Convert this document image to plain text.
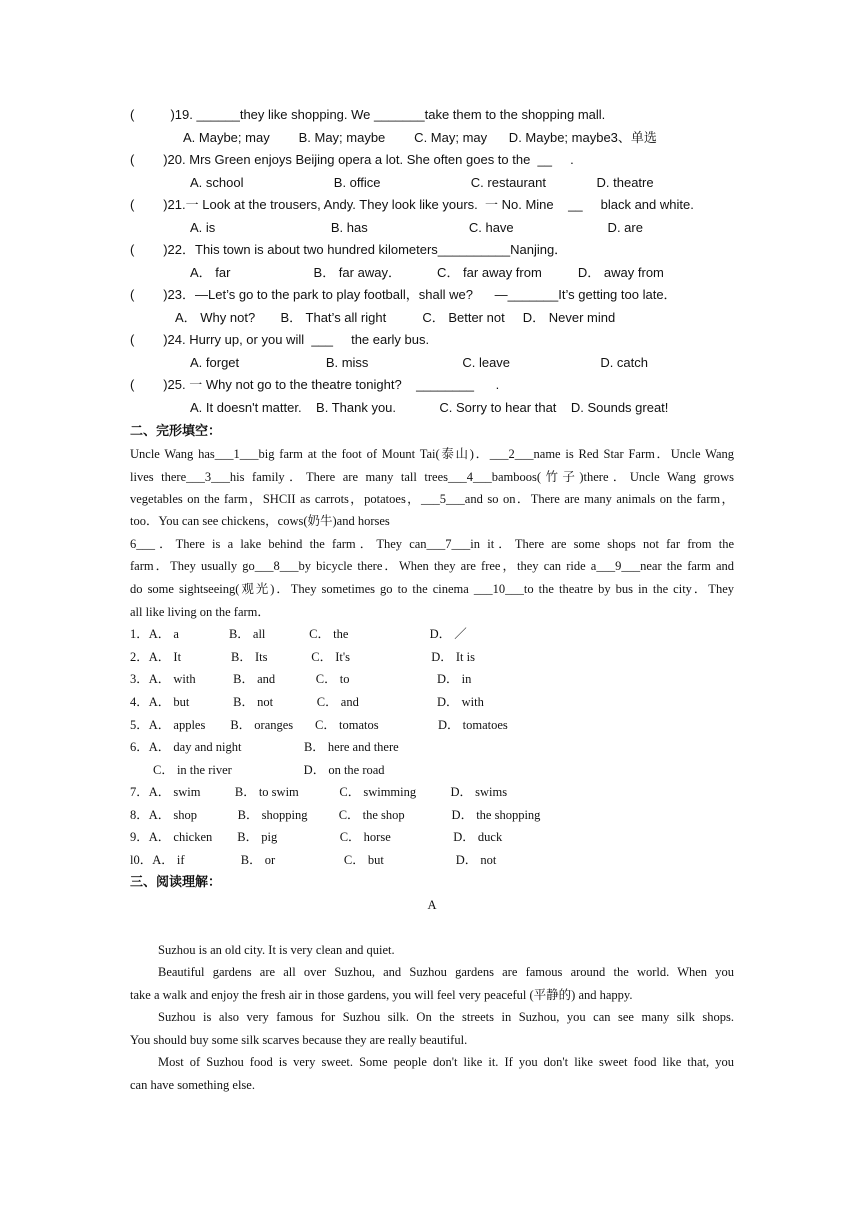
(          )19. ______they like shopping. We _______take them to the shopping mall.
A. Maybe; may        B. May; maybe        C. May; may      D. Maybe; maybe3、单选
(        )20. Mrs Green enjoys Beijing opera a lot. She often goes to the  __     .
A. school                         B. office                         C. restaurant              D. theatre
(        )21.一 Look at the trousers, Andy. They look like yours.  一 No. Mine    __     black and white.
A. is                                B. has                            C. have                          D. are
(        )22．This town is about two hundred kilometers__________Nanjing．
A． far                       B． far away．          C． far away from          D． away from
(        )23．—Let’s go to the park to play football，shall we?      —_______It’s getting too late．
A． Why not?       B． That’s all right          C． Better not     D． Never mind
(        )24. Hurry up, or you will  ___     the early bus.
A. forget                        B. miss                          C. leave                         D. catch
(        )25. 一 Why not go to the theatre tonight?    ________      .
A. It doesn't matter.    B. Thank you.            C. Sorry to hear that    D. Sounds great!
二、完形填空：
Uncle Wang has___1___big farm at the foot of Mount Tai(泰山)．___2___name is Red Star Farm．Uncle Wang
lives there___3___his family．There are many tall trees___4___bamboos(竹子)there．Uncle Wang grows
vegetables on the farm，SHCII as carrots，potatoes，___5___and so on．There are many animals on the farm，
too．You can see chickens，cows(奶牛)and horses
6___．There is a lake behind the farm．They can___7___in it．There are some shops not far from the
farm．They usually go___8___by bicycle there．When they are free，they can ride a___9___near the farm and
do some sightseeing(观光)．They sometimes go to the cinema ___10___to the theatre by bus in the city．They
all like living on the farm．
1．A． a                B． all              C． the                          D． ／
2．A． It                B． Its              C． It's                          D． It is
3．A． with            B． and             C． to                            D． in
4．A． but              B． not              C． and                         D． with
5．A． apples        B． oranges       C． tomatos                   D． tomatoes
6．A． day and night                    B． here and there
C． in the river                       D． on the road
7．A． swim           B． to swim             C． swimming           D． swims
8．A． shop             B． shopping          C． the shop               D． the shopping
9．A． chicken        B． pig                    C． horse                    D． duck
l0．A． if                  B． or                      C． but                       D． not
三、阅读理解：
A
Suzhou is an old city. It is very clean and quiet.
Beautiful gardens are all over Suzhou, and Suzhou gardens are famous around the world. When you
take a walk and enjoy the fresh air in those gardens, you will feel very peaceful (平静的) and happy.
Suzhou is also very famous for Suzhou silk. On the streets in Suzhou, you can see many silk shops.
You should buy some silk scarves because they are really beautiful.
Most of Suzhou food is very sweet. Some people don't like it. If you don't like sweet food like that, you
can have something else.
